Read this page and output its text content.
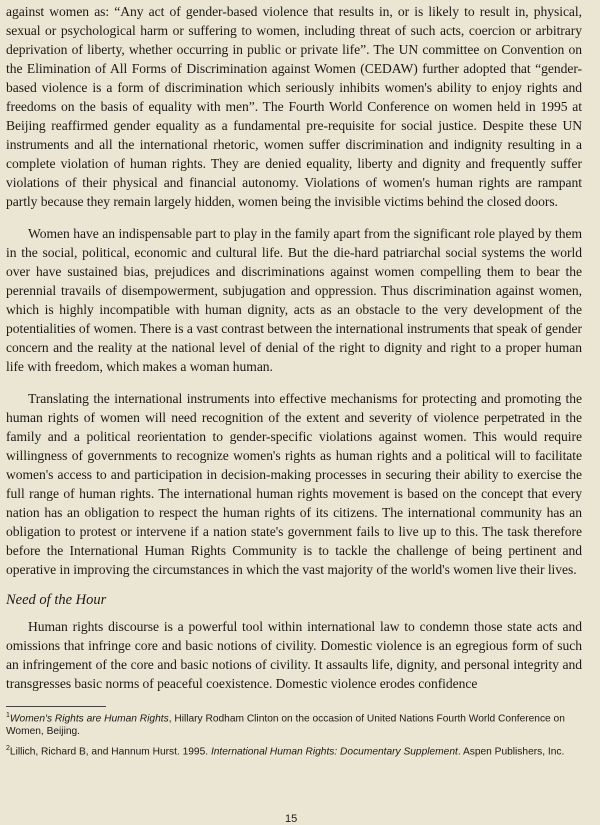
against women as: “Any act of gender-based violence that results in, or is likely to result in, physical, sexual or psychological harm or suffering to women, including threat of such acts, coercion or arbitrary deprivation of liberty, whether occurring in public or private life”. The UN committee on Convention on the Elimination of All Forms of Discrimination against Women (CEDAW) further adopted that “gender-based violence is a form of discrimination which seriously inhibits women's ability to enjoy rights and freedoms on the basis of equality with men”. The Fourth World Conference on women held in 1995 at Beijing reaffirmed gender equality as a fundamental pre-requisite for social justice. Despite these UN instruments and all the international rhetoric, women suffer discrimination and indignity resulting in a complete violation of human rights. They are denied equality, liberty and dignity and frequently suffer violations of their physical and financial autonomy. Violations of women's human rights are rampant partly because they remain largely hidden, women being the invisible victims behind the closed doors.

Women have an indispensable part to play in the family apart from the significant role played by them in the social, political, economic and cultural life. But the die-hard patriarchal social systems the world over have sustained bias, prejudices and discriminations against women compelling them to bear the perennial travails of disempowerment, subjugation and oppression. Thus discrimination against women, which is highly incompatible with human dignity, acts as an obstacle to the very development of the potentialities of women. There is a vast contrast between the international instruments that speak of gender concern and the reality at the national level of denial of the right to dignity and right to a proper human life with freedom, which makes a woman human.

Translating the international instruments into effective mechanisms for protecting and promoting the human rights of women will need recognition of the extent and severity of violence perpetrated in the family and a political reorientation to gender-specific violations against women. This would require willingness of governments to recognize women's rights as human rights and a political will to facilitate women's access to and participation in decision-making processes in securing their ability to exercise the full range of human rights. The international human rights movement is based on the concept that every nation has an obligation to respect the human rights of its citizens. The international community has an obligation to protest or intervene if a nation state's government fails to live up to this. The task therefore before the International Human Rights Community is to tackle the challenge of being pertinent and operative in improving the circumstances in which the vast majority of the world's women live their lives.

Need of the Hour

Human rights discourse is a powerful tool within international law to condemn those state acts and omissions that infringe core and basic notions of civility. Domestic violence is an egregious form of such an infringement of the core and basic notions of civility. It assaults life, dignity, and personal integrity and transgresses basic norms of peaceful coexistence. Domestic violence erodes confidence

$^1$Women's Rights are Human Rights, Hillary Rodham Clinton on the occasion of United Nations Fourth World Conference on Women, Beijing.

$^2$Lillich, Richard B, and Hannum Hurst. 1995. International Human Rights: Documentary Supplement. Aspen Publishers, Inc.

15
